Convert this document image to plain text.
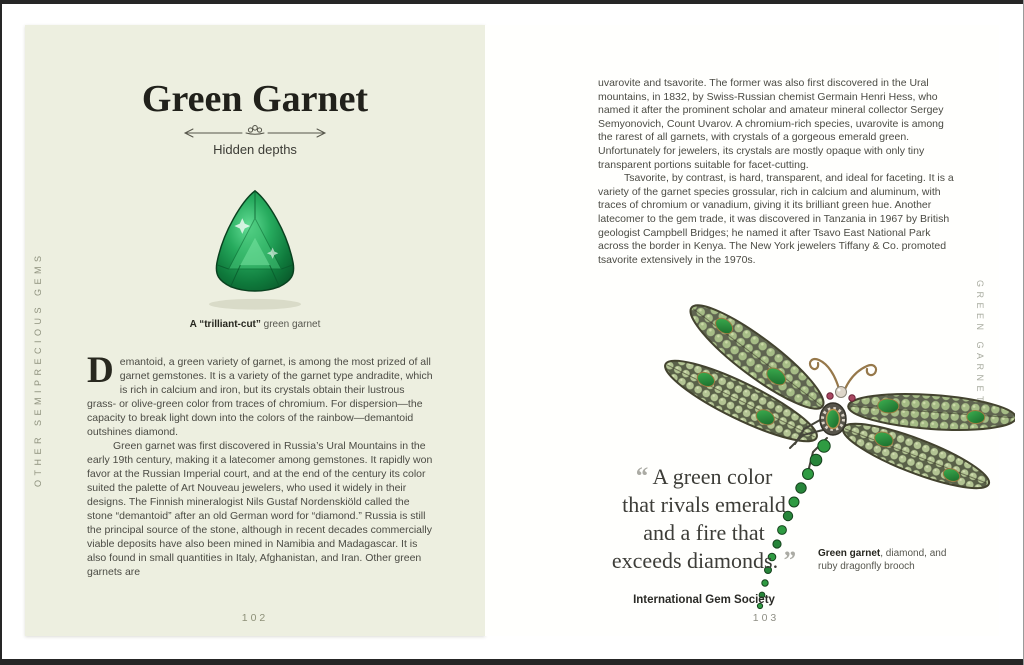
OTHER SEMIPRECIOUS GEMS
Green Garnet
Hidden depths
A “trilliant-cut” green garnet

Demantoid, a green variety of garnet, is among the most prized of all garnet gemstones. It is a variety of the garnet type andradite, which is rich in calcium and iron, but its crystals obtain their lustrous grass- or olive-green color from traces of chromium. For dispersion—the capacity to break light down into the colors of the rainbow—demantoid outshines diamond.

Green garnet was first discovered in Russia’s Ural Mountains in the early 19th century, making it a latecomer among gemstones. It rapidly won favor at the Russian Imperial court, and at the end of the century its color suited the palette of Art Nouveau jewelers, who used it widely in their designs. The Finnish mineralogist Nils Gustaf Nordenskiöld called the stone “demantoid” after an old German word for “diamond.” Russia is still the principal source of the stone, although in recent decades commercially viable deposits have also been mined in Namibia and Madagascar. It is also found in small quantities in Italy, Afghanistan, and Iran. Other green garnets are

102

uvarovite and tsavorite. The former was also first discovered in the Ural mountains, in 1832, by Swiss-Russian chemist Germain Henri Hess, who named it after the prominent scholar and amateur mineral collector Sergey Semyonovich, Count Uvarov. A chromium-rich species, uvarovite is among the rarest of all garnets, with crystals of a gorgeous emerald green. Unfortunately for jewelers, its crystals are mostly opaque with only tiny transparent portions suitable for facet-cutting.

Tsavorite, by contrast, is hard, transparent, and ideal for faceting. It is a variety of the garnet species grossular, rich in calcium and aluminum, with traces of chromium or vanadium, giving it its brilliant green hue. Another latecomer to the gem trade, it was discovered in Tanzania in 1967 by British geologist Campbell Bridges; he named it after Tsavo East National Park across the border in Kenya. The New York jewelers Tiffany & Co. promoted tsavorite extensively in the 1970s.

“ A green color
that rivals emerald
and a fire that
exceeds diamonds. ”
International Gem Society
Green garnet, diamond, and ruby dragonfly brooch
GREEN GARNET
103
